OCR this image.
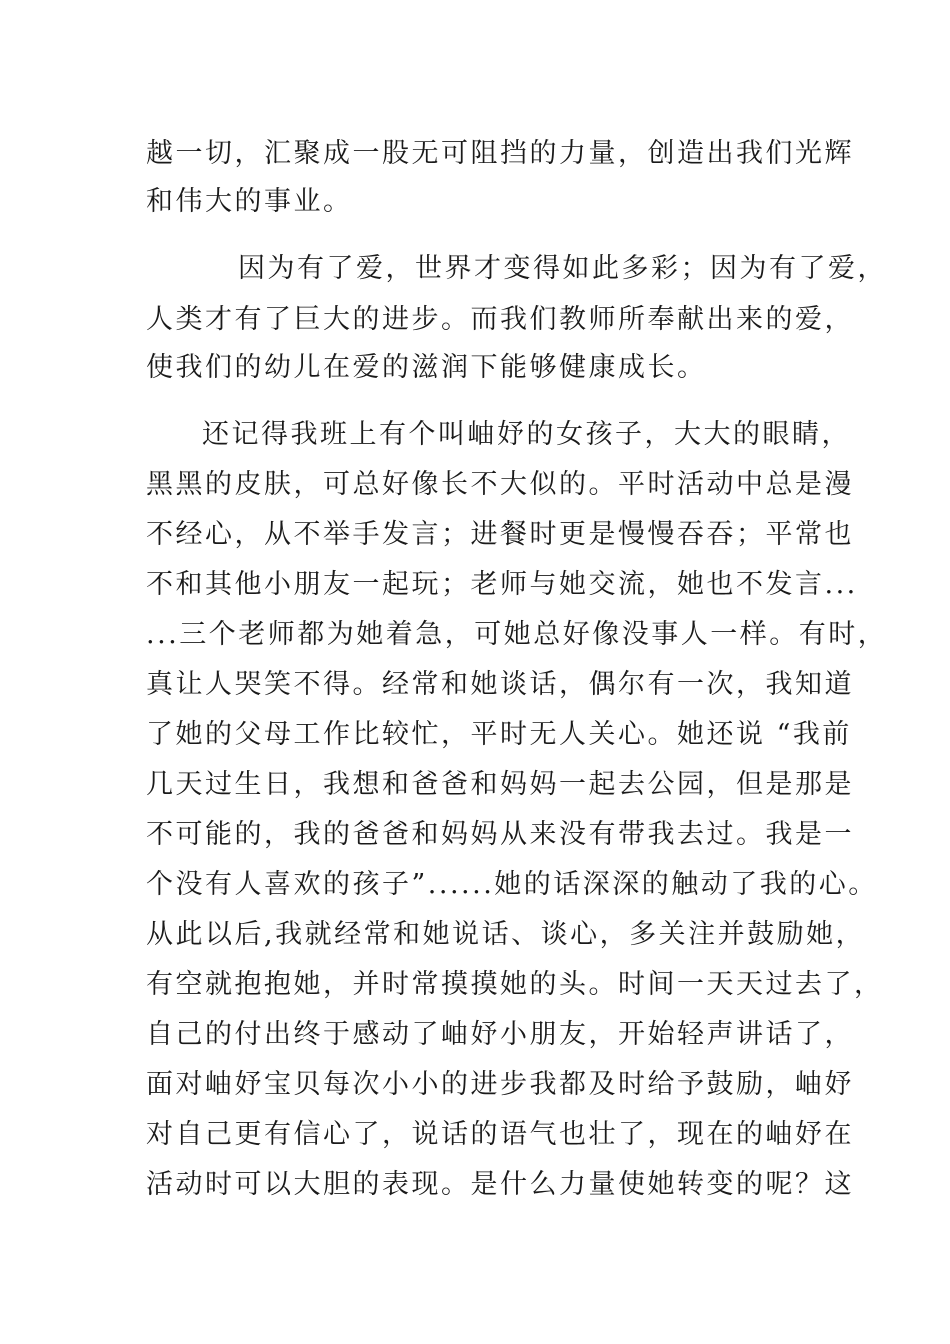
越一切，汇聚成一股无可阻挡的力量，创造出我们光辉
和伟大的事业。
因为有了爱，世界才变得如此多彩；因为有了爱，
人类才有了巨大的进步。而我们教师所奉献出来的爱，
使我们的幼儿在爱的滋润下能够健康成长。
还记得我班上有个叫岫妤的女孩子，大大的眼睛，
黑黑的皮肤，可总好像长不大似的。平时活动中总是漫
不经心，从不举手发言；进餐时更是慢慢吞吞；平常也
不和其他小朋友一起玩；老师与她交流，她也不发言...
...三个老师都为她着急，可她总好像没事人一样。有时，
真让人哭笑不得。经常和她谈话，偶尔有一次，我知道
了她的父母工作比较忙，平时无人关心。她还说 “我前
几天过生日，我想和爸爸和妈妈一起去公园，但是那是
不可能的，我的爸爸和妈妈从来没有带我去过。我是一
个没有人喜欢的孩子”......她的话深深的触动了我的心。
从此以后,我就经常和她说话、谈心，多关注并鼓励她，
有空就抱抱她，并时常摸摸她的头。时间一天天过去了，
自己的付出终于感动了岫妤小朋友，开始轻声讲话了，
面对岫妤宝贝每次小小的进步我都及时给予鼓励，岫妤
对自己更有信心了，说话的语气也壮了，现在的岫妤在
活动时可以大胆的表现。是什么力量使她转变的呢？这
